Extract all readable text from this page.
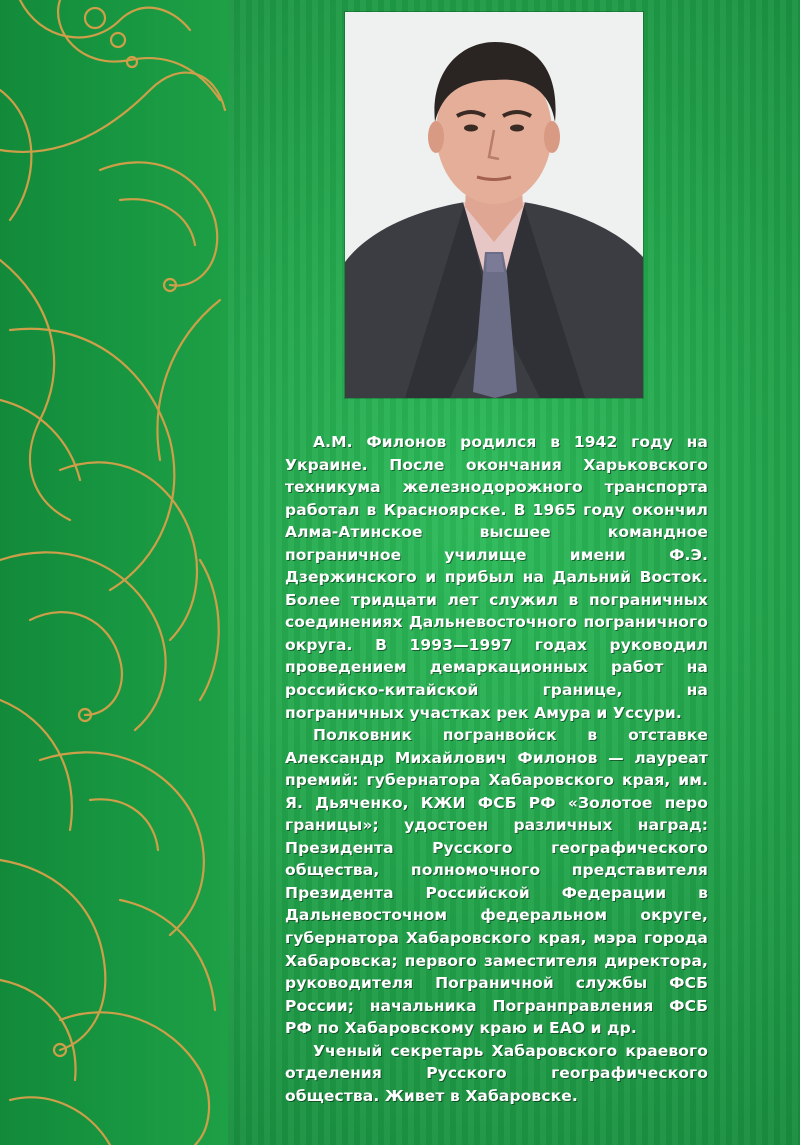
А.М. Филонов родился в 1942 году на Украине. После окончания Харьковского техникума железнодорожного транспорта работал в Красноярске. В 1965 году окончил Алма-Атинское высшее командное пограничное училище имени Ф.Э. Дзержинского и прибыл на Дальний Восток. Более тридцати лет служил в пограничных соединениях Дальневосточного пограничного округа. В 1993—1997 годах руководил проведением демаркационных работ на российско-китайской границе, на пограничных участках рек Амура и Уссури.

Полковник погранвойск в отставке Александр Михайлович Филонов — лауреат премий: губернатора Хабаровского края, им. Я. Дьяченко, КЖИ ФСБ РФ «Золотое перо границы»; удостоен различных наград: Президента Русского географического общества, полномочного представителя Президента Российской Федерации в Дальневосточном федеральном округе, губернатора Хабаровского края, мэра города Хабаровска; первого заместителя директора, руководителя Пограничной службы ФСБ России; начальника Погранправления ФСБ РФ по Хабаровскому краю и ЕАО и др.

Ученый секретарь Хабаровского краевого отделения Русского географического общества. Живет в Хабаровске.
